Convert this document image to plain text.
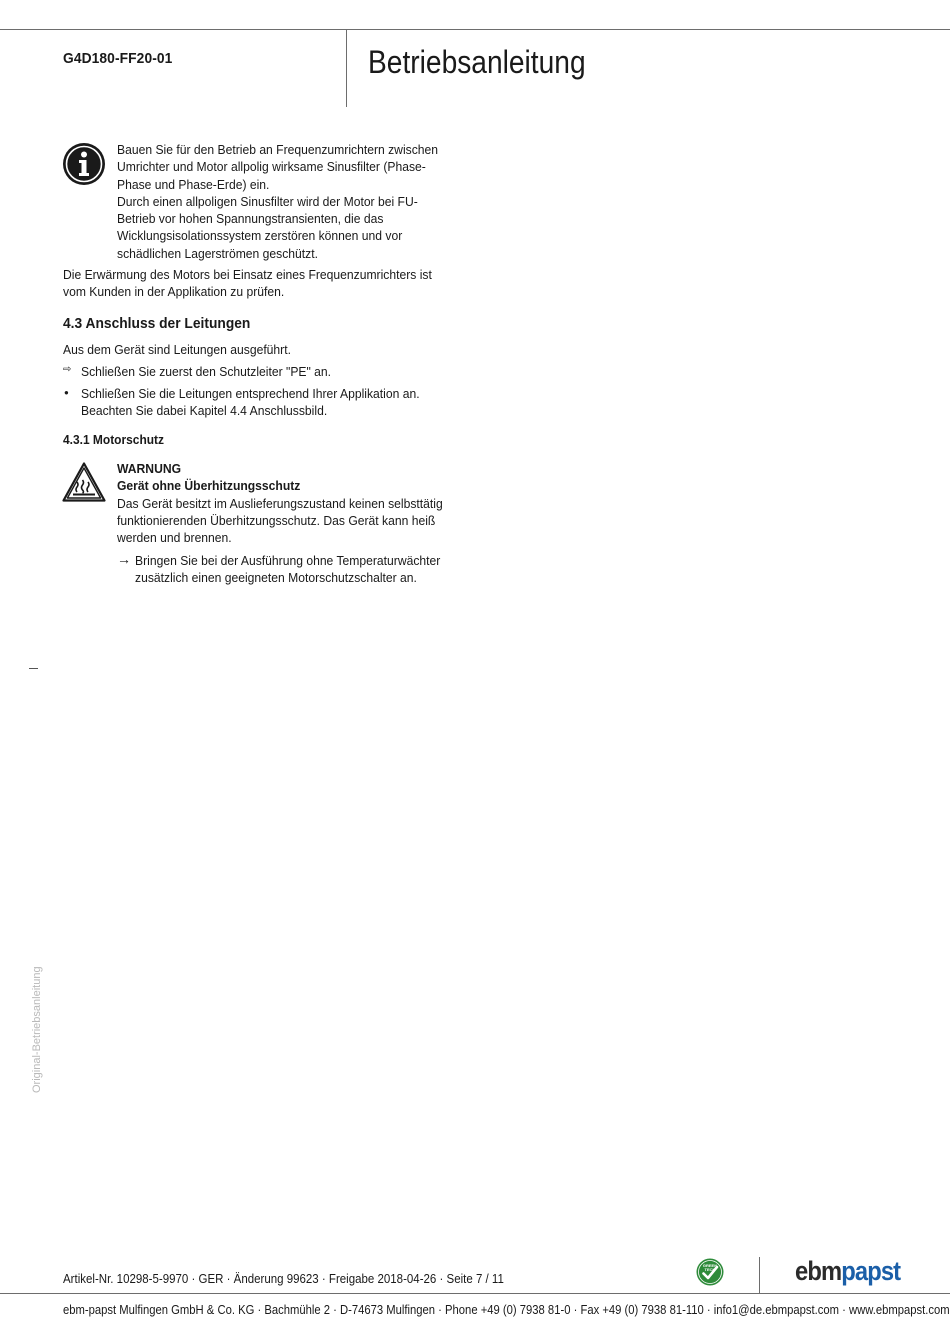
G4D180-FF20-01	Betriebsanleitung
Bauen Sie für den Betrieb an Frequenzumrichtern zwischen
Umrichter und Motor allpolig wirksame Sinusfilter (Phase-
Phase und Phase-Erde) ein.
Durch einen allpoligen Sinusfilter wird der Motor bei FU-
Betrieb vor hohen Spannungstransienten, die das
Wicklungsisolationssystem zerstören können und vor
schädlichen Lagerströmen geschützt.
Die Erwärmung des Motors bei Einsatz eines Frequenzumrichters ist
vom Kunden in der Applikation zu prüfen.
4.3 Anschluss der Leitungen
Aus dem Gerät sind Leitungen ausgeführt.
⇨ Schließen Sie zuerst den Schutzleiter "PE" an.
● Schließen Sie die Leitungen entsprechend Ihrer Applikation an.
Beachten Sie dabei Kapitel 4.4 Anschlussbild.
4.3.1 Motorschutz
WARNUNG
Gerät ohne Überhitzungsschutz
Das Gerät besitzt im Auslieferungszustand keinen selbsttätig
funktionierenden Überhitzungsschutz. Das Gerät kann heiß
werden und brennen.
→ Bringen Sie bei der Ausführung ohne Temperaturwächter
zusätzlich einen geeigneten Motorschutzschalter an.
Original-Betriebsanleitung
Artikel-Nr. 10298-5-9970 · GER · Änderung 99623 · Freigabe 2018-04-26 · Seite 7 / 11
GREEN
TECH	ebmpapst
ebm-papst Mulfingen GmbH & Co. KG · Bachmühle 2 · D-74673 Mulfingen · Phone +49 (0) 7938 81-0 · Fax +49 (0) 7938 81-110 · info1@de.ebmpapst.com · www.ebmpapst.com
